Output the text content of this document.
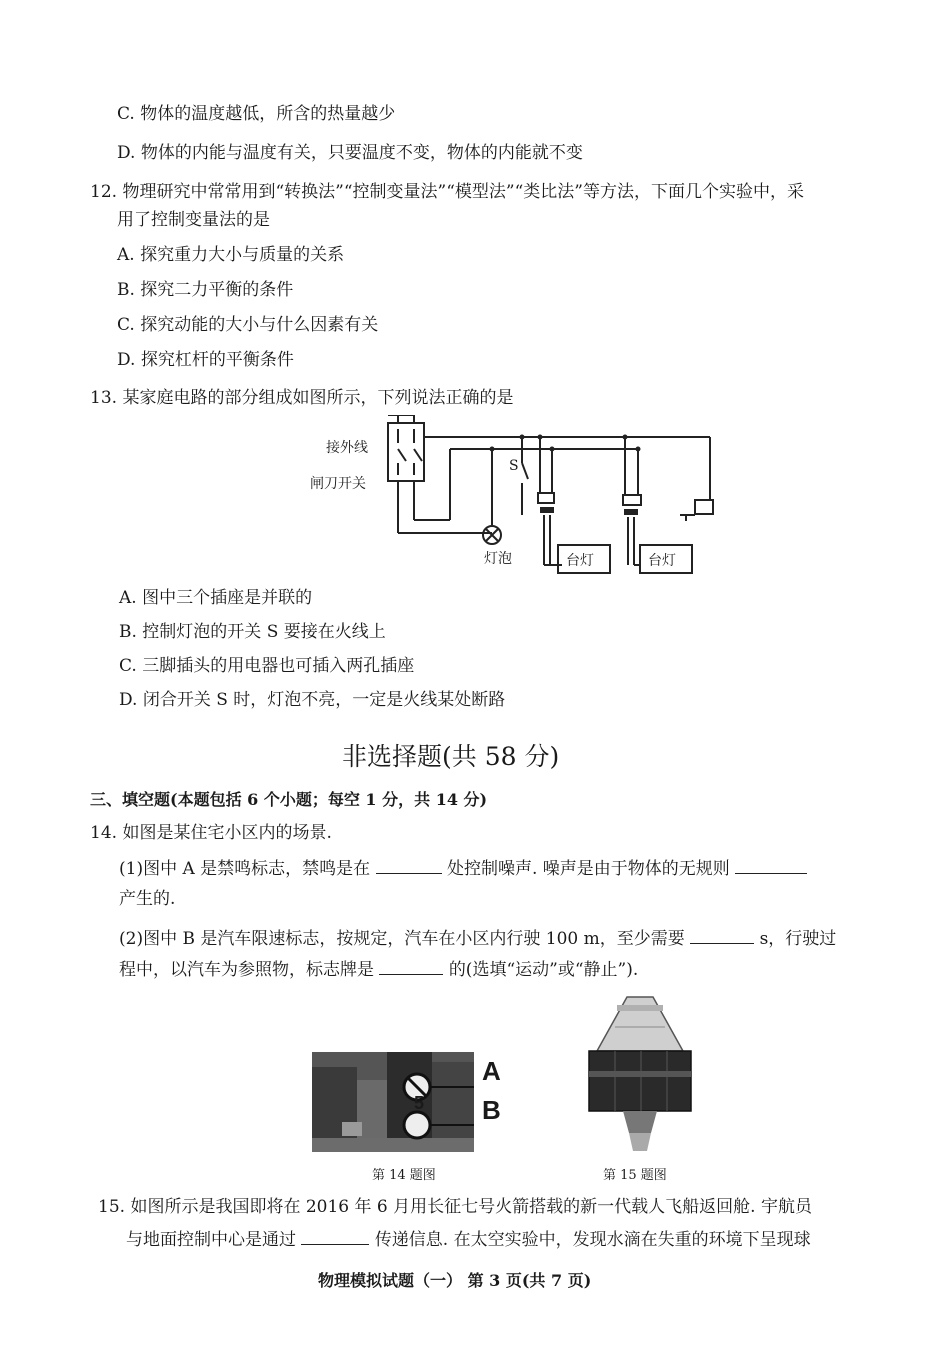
C. 物体的温度越低，所含的热量越少
D. 物体的内能与温度有关，只要温度不变，物体的内能就不变
12. 物理研究中常常用到“转换法”“控制变量法”“模型法”“类比法”等方法，下面几个实验中，采
用了控制变量法的是
A. 探究重力大小与质量的关系
B. 探究二力平衡的条件
C. 探究动能的大小与什么因素有关
D. 探究杠杆的平衡条件
13. 某家庭电路的部分组成如图所示，下列说法正确的是
接外线
闸刀开关
S
灯泡	台灯	台灯
A. 图中三个插座是并联的
B. 控制灯泡的开关 S 要接在火线上
C. 三脚插头的用电器也可插入两孔插座
D. 闭合开关 S 时，灯泡不亮，一定是火线某处断路
非选择题(共 58 分)
三、填空题(本题包括 6 个小题；每空 1 分，共 14 分)
14. 如图是某住宅小区内的场景.
(1)图中 A 是禁鸣标志，禁鸣是在	处控制噪声. 噪声是由于物体的无规则
产生的.
(2)图中 B 是汽车限速标志，按规定，汽车在小区内行驶 100 m，至少需要	s，行驶过
程中，以汽车为参照物，标志牌是	的(选填“运动”或“静止”).
5
A
B
第 14 题图	第 15 题图
15. 如图所示是我国即将在 2016 年 6 月用长征七号火箭搭载的新一代载人飞船返回舱. 宇航员
与地面控制中心是通过	传递信息. 在太空实验中，发现水滴在失重的环境下呈现球
物理模拟试题（一） 第 3 页(共 7 页)
